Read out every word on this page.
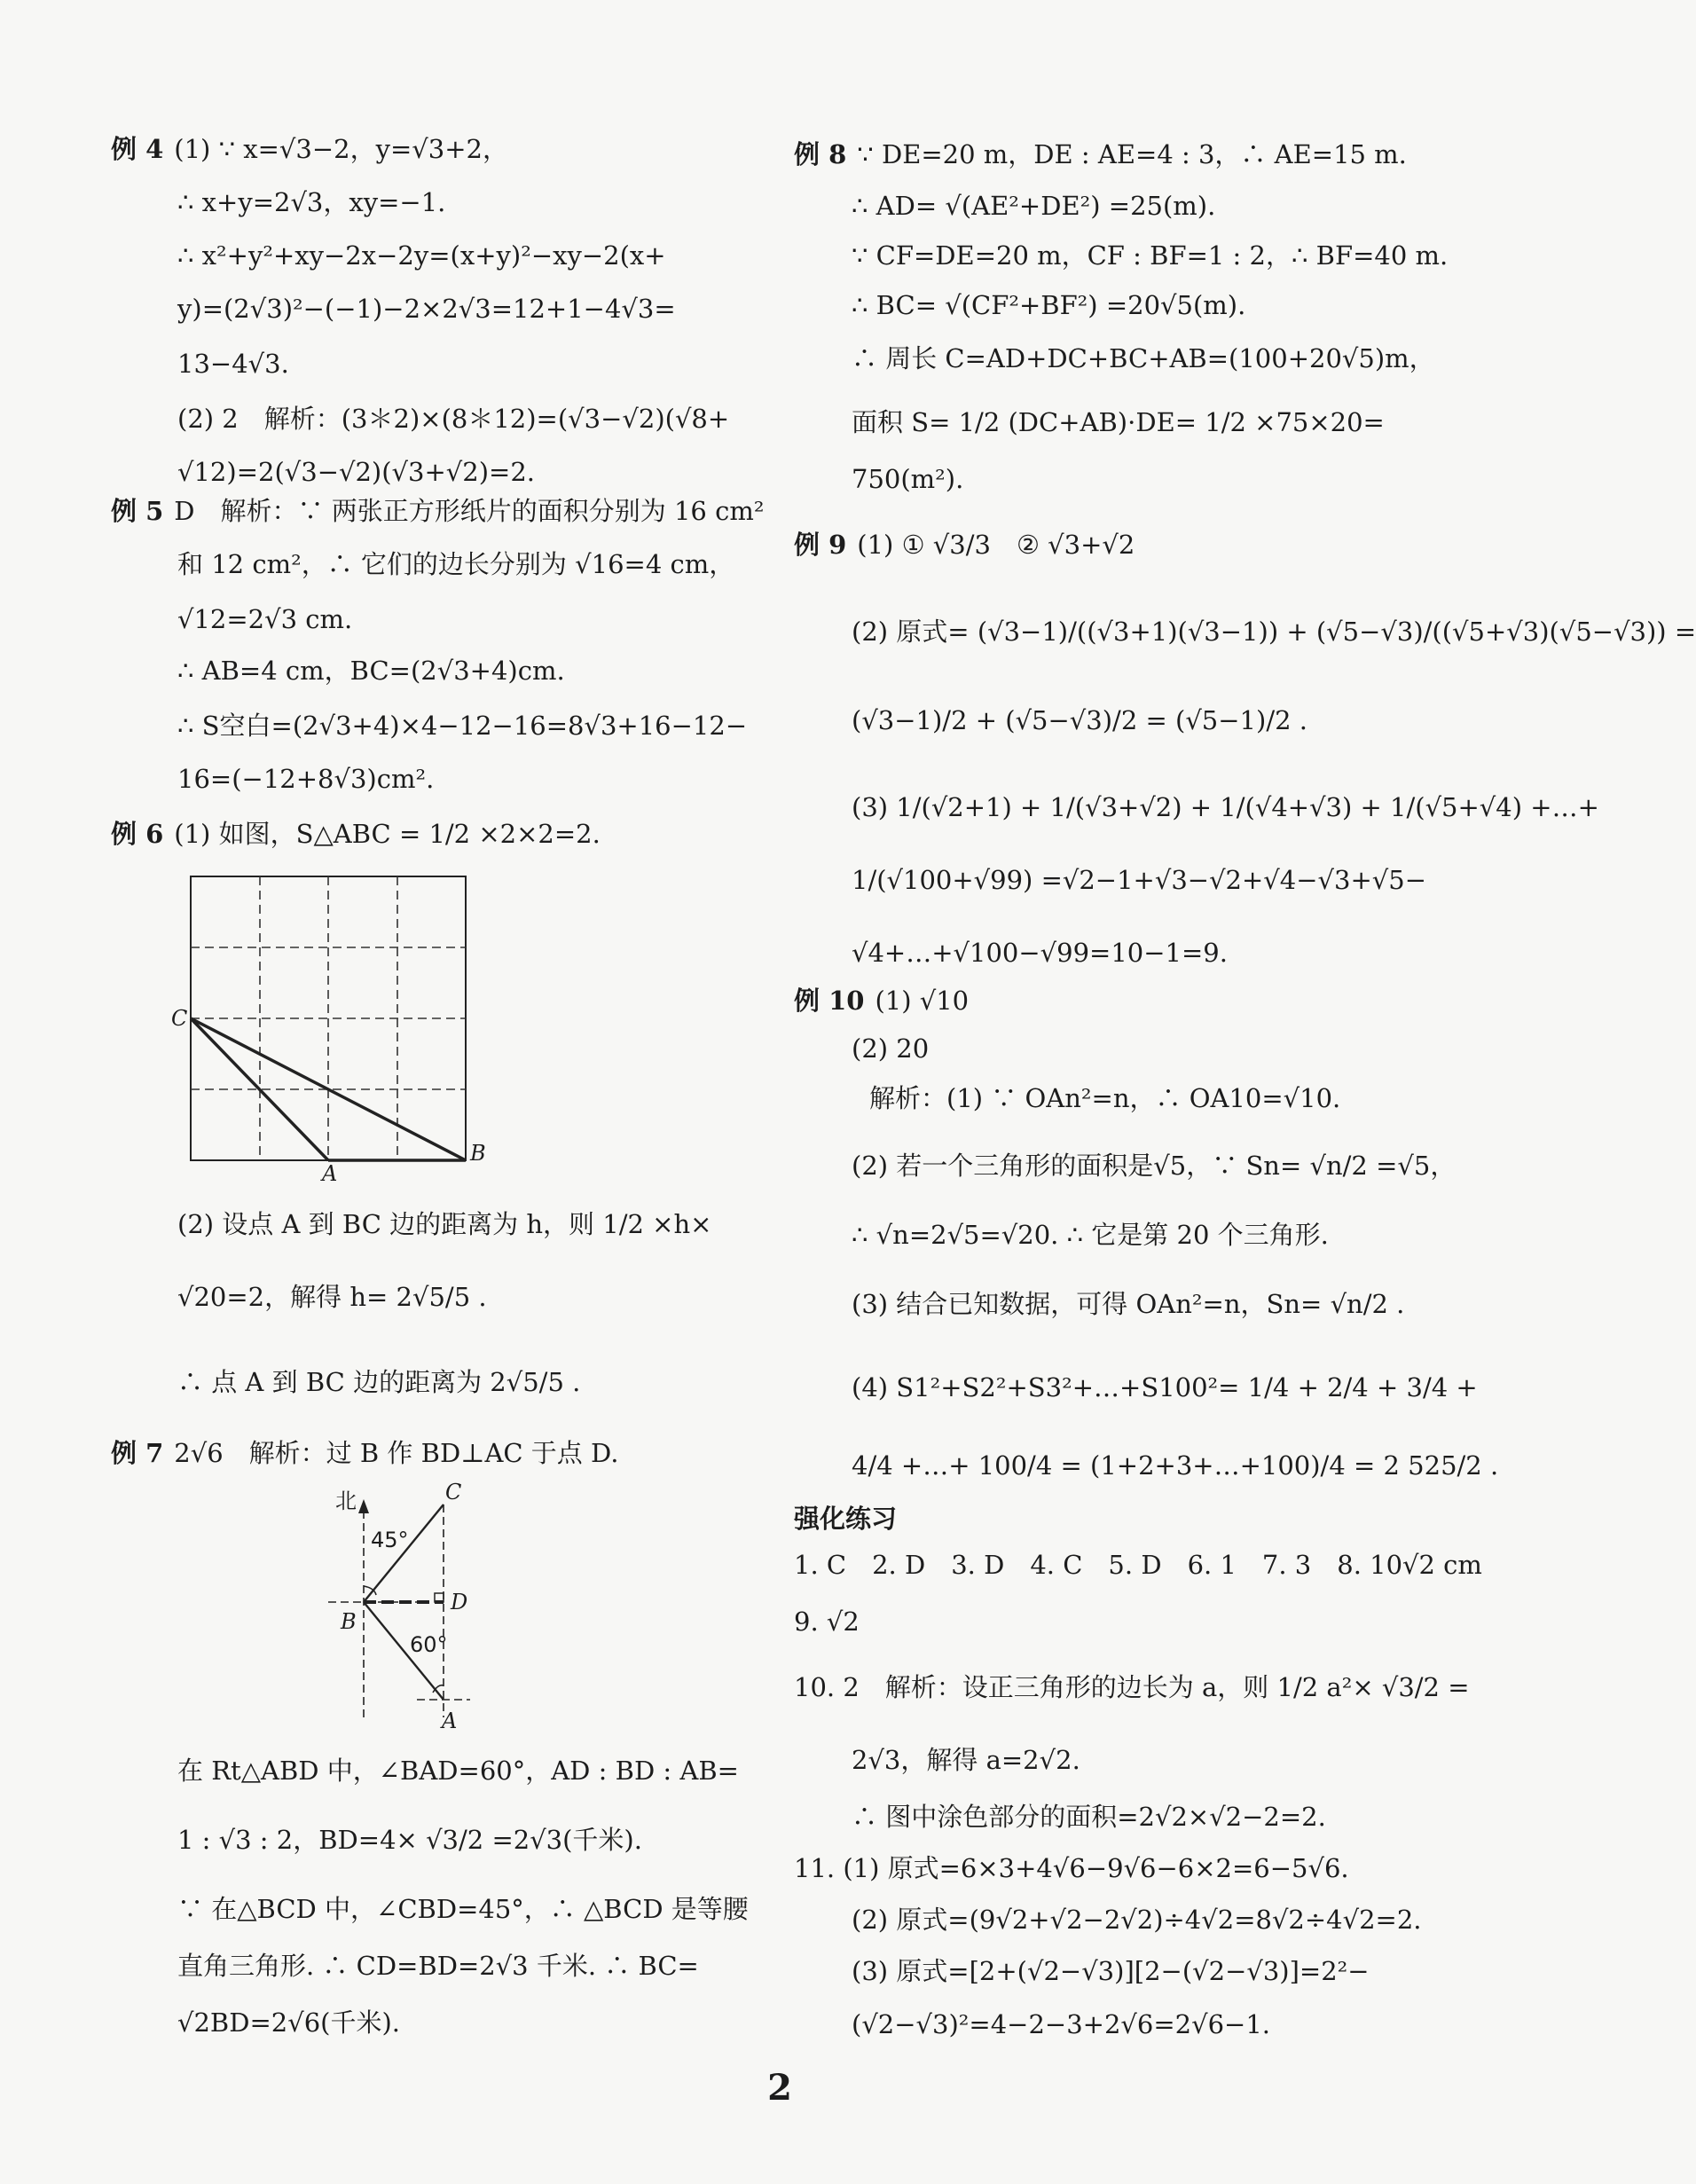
例 4 (1) ∵ x=√3−2，y=√3+2，
∴ x+y=2√3，xy=−1.
∴ x²+y²+xy−2x−2y=(x+y)²−xy−2(x+
y)=(2√3)²−(−1)−2×2√3=12+1−4√3=
13−4√3.
(2) 2　解析：(3＊2)×(8＊12)=(√3−√2)(√8+
√12)=2(√3−√2)(√3+√2)=2.
例 5 D　解析：∵ 两张正方形纸片的面积分别为 16 cm²
和 12 cm²，∴ 它们的边长分别为 √16=4 cm，
√12=2√3 cm.
∴ AB=4 cm，BC=(2√3+4)cm.
∴ S空白=(2√3+4)×4−12−16=8√3+16−12−
16=(−12+8√3)cm².
例 6 (1) 如图，S△ABC = 1/2 ×2×2=2.
C
A
B
(2) 设点 A 到 BC 边的距离为 h，则 1/2 ×h×
√20=2，解得 h= 2√5/5 .
∴ 点 A 到 BC 边的距离为 2√5/5 .
例 7 2√6　解析：过 B 作 BD⊥AC 于点 D.
北
45°
60°
C
D
B
A
在 Rt△ABD 中，∠BAD=60°，AD : BD : AB=
1 : √3 : 2，BD=4× √3/2 =2√3(千米).
∵ 在△BCD 中，∠CBD=45°，∴ △BCD 是等腰
直角三角形. ∴ CD=BD=2√3 千米. ∴ BC=
√2BD=2√6(千米).
例 8 ∵ DE=20 m，DE : AE=4 : 3，∴ AE=15 m.
∴ AD= √(AE²+DE²) =25(m).
∵ CF=DE=20 m，CF : BF=1 : 2，∴ BF=40 m.
∴ BC= √(CF²+BF²) =20√5(m).
∴ 周长 C=AD+DC+BC+AB=(100+20√5)m，
面积 S= 1/2 (DC+AB)·DE= 1/2 ×75×20=
750(m²).
例 9 (1) ① √3/3　② √3+√2
(2) 原式= (√3−1)/((√3+1)(√3−1)) + (√5−√3)/((√5+√3)(√5−√3)) =
(√3−1)/2 + (√5−√3)/2 = (√5−1)/2 .
(3) 1/(√2+1) + 1/(√3+√2) + 1/(√4+√3) + 1/(√5+√4) +…+
1/(√100+√99) =√2−1+√3−√2+√4−√3+√5−
√4+…+√100−√99=10−1=9.
例 10 (1) √10
(2) 20
解析：(1) ∵ OAn²=n，∴ OA10=√10.
(2) 若一个三角形的面积是√5，∵ Sn= √n/2 =√5，
∴ √n=2√5=√20. ∴ 它是第 20 个三角形.
(3) 结合已知数据，可得 OAn²=n，Sn= √n/2 .
(4) S1²+S2²+S3²+…+S100²= 1/4 + 2/4 + 3/4 +
4/4 +…+ 100/4 = (1+2+3+…+100)/4 = 2 525/2 .
强化练习
1. C　2. D　3. D　4. C　5. D　6. 1　7. 3　8. 10√2 cm
9. √2
10. 2　解析：设正三角形的边长为 a，则 1/2 a²× √3/2 =
2√3，解得 a=2√2.
∴ 图中涂色部分的面积=2√2×√2−2=2.
11. (1) 原式=6×3+4√6−9√6−6×2=6−5√6.
(2) 原式=(9√2+√2−2√2)÷4√2=8√2÷4√2=2.
(3) 原式=[2+(√2−√3)][2−(√2−√3)]=2²−
(√2−√3)²=4−2−3+2√6=2√6−1.
2
